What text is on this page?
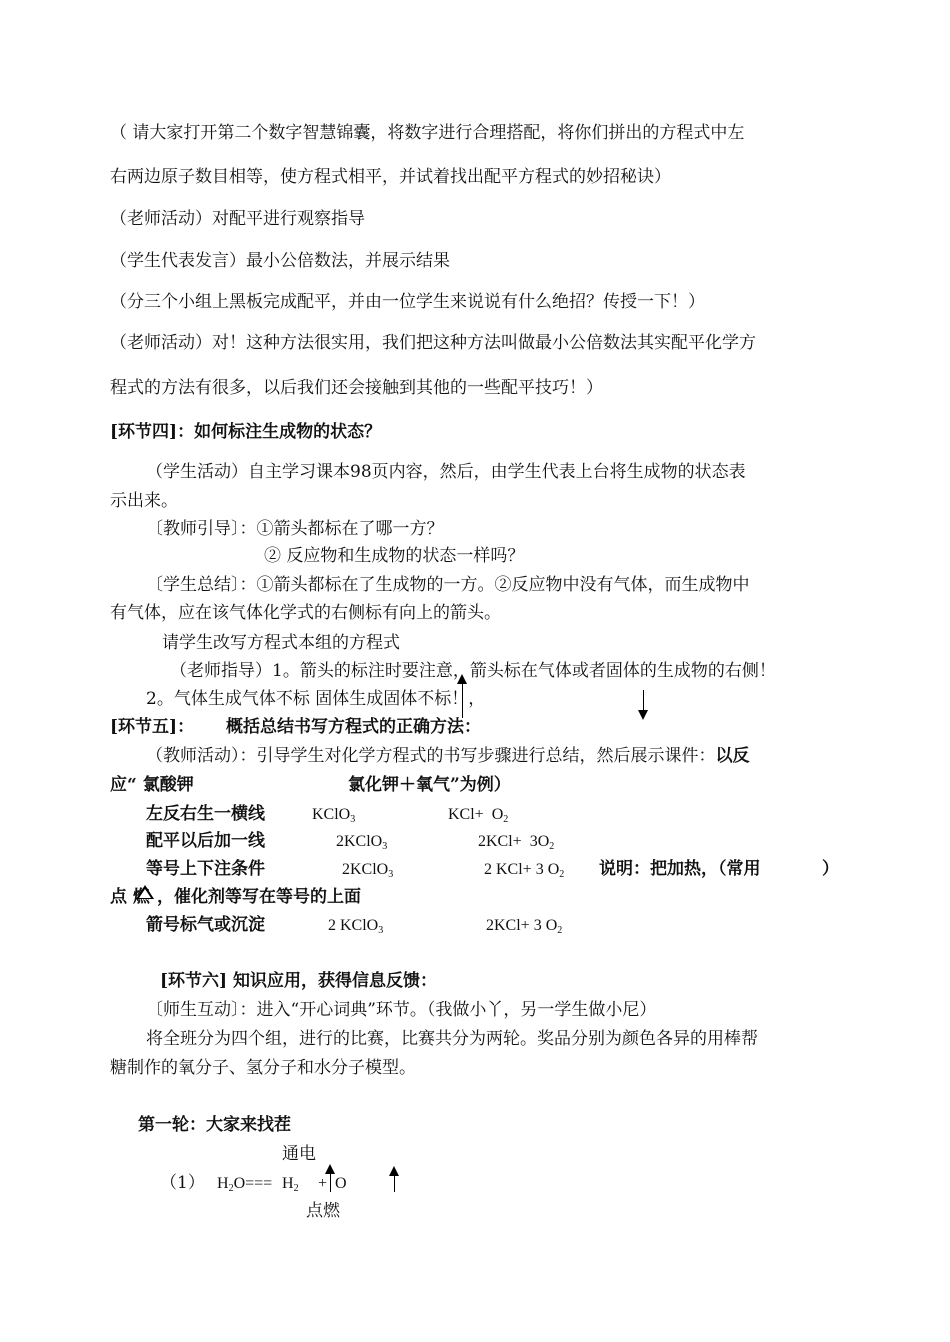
（ 请大家打开第二个数字智慧锦囊，将数字进行合理搭配，将你们拼出的方程式中左
右两边原子数目相等，使方程式相平，并试着找出配平方程式的妙招秘诀）
（老师活动）对配平进行观察指导
（学生代表发言）最小公倍数法，并展示结果
（分三个小组上黑板完成配平，并由一位学生来说说有什么绝招？传授一下！）
（老师活动）对！这种方法很实用，我们把这种方法叫做最小公倍数法其实配平化学方
程式的方法有很多，以后我们还会接触到其他的一些配平技巧！）
[环节四]：如何标注生成物的状态？
（学生活动）自主学习课本98页内容，然后，由学生代表上台将生成物的状态表
示出来。
〔教师引导〕：①箭头都标在了哪一方？
② 反应物和生成物的状态一样吗？
〔学生总结〕：①箭头都标在了生成物的一方。②反应物中没有气体，而生成物中
有气体，应在该气体化学式的右侧标有向上的箭头。
请学生改写方程式本组的方程式
（老师指导）1。箭头的标注时要注意，箭头标在气体或者固体的生成物的右侧！
2。气体生成气体不标 固体生成固体不标！，
[环节五]： 概括总结书写方程式的正确方法：
（教师活动）：引导学生对化学方程式的书写步骤进行总结，然后展示课件：以反
应“ 氯酸钾	氯化钾＋氧气”为例）
左反右生一横线	KClO$_3$	$KCl+ O_2$
配平以后加一线	2KClO$_3$	$2KCl+ 3O_2$
等号上下注条件	2KClO$_3$	2 KCl+ 3 $O_2$ 说明：把加热，（常用	）
点 燃 ，催化剂等写在等号的上面
箭号标气或沉淀	2 KClO$_3$	2KCl+ 3 $O_2$
[环节六] 知识应用，获得信息反馈：
〔师生互动〕：进入“开心词典”环节。（我做小丫，另一学生做小尼）
将全班分为四个组，进行的比赛，比赛共分为两轮。奖品分别为颜色各异的用棒帮
糖制作的氧分子、氢分子和水分子模型。
第一轮：大家来找茬
通电
（1） $H_2O=== H_2 + O$
点燃
